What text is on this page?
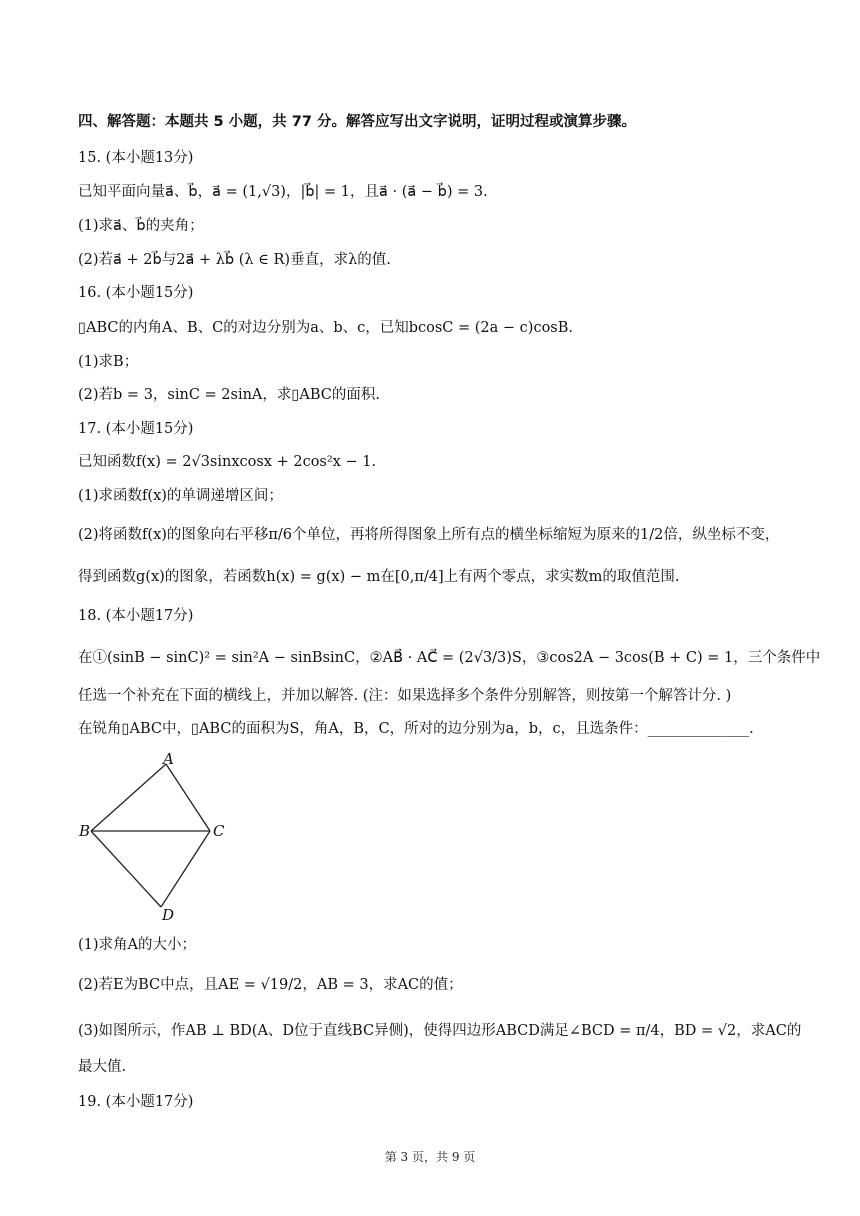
四、解答题：本题共 5 小题，共 77 分。解答应写出文字说明，证明过程或演算步骤。
15. (本小题13分)
已知平面向量a⃗、b⃗，a⃗ = (1,√3)，|b⃗| = 1，且a⃗ · (a⃗ − b⃗) = 3.
(1)求a⃗、b⃗的夹角；
(2)若a⃗ + 2b⃗与2a⃗ + λb⃗ (λ ∈ R)垂直，求λ的值.
16. (本小题15分)
▯ABC的内角A、B、C的对边分别为a、b、c，已知bcosC = (2a − c)cosB.
(1)求B；
(2)若b = 3，sinC = 2sinA，求▯ABC的面积.
17. (本小题15分)
已知函数f(x) = 2√3sinxcosx + 2cos²x − 1.
(1)求函数f(x)的单调递增区间；
(2)将函数f(x)的图象向右平移π/6个单位，再将所得图象上所有点的横坐标缩短为原来的1/2倍，纵坐标不变，
得到函数g(x)的图象，若函数h(x) = g(x) − m在[0,π/4]上有两个零点，求实数m的取值范围.
18. (本小题17分)
在①(sinB − sinC)² = sin²A − sinBsinC，②AB⃗ · AC⃗ = (2√3/3)S，③cos2A − 3cos(B + C) = 1，三个条件中
任选一个补充在下面的横线上，并加以解答. (注：如果选择多个条件分别解答，则按第一个解答计分. )
在锐角▯ABC中，▯ABC的面积为S，角A，B，C，所对的边分别为a，b，c，且选条件：______________.
A
B	C
D
(1)求角A的大小；
(2)若E为BC中点，且AE = √19/2，AB = 3，求AC的值；
(3)如图所示，作AB ⊥ BD(A、D位于直线BC异侧)，使得四边形ABCD满足∠BCD = π/4，BD = √2，求AC的
最大值.
19. (本小题17分)
第 3 页，共 9 页
